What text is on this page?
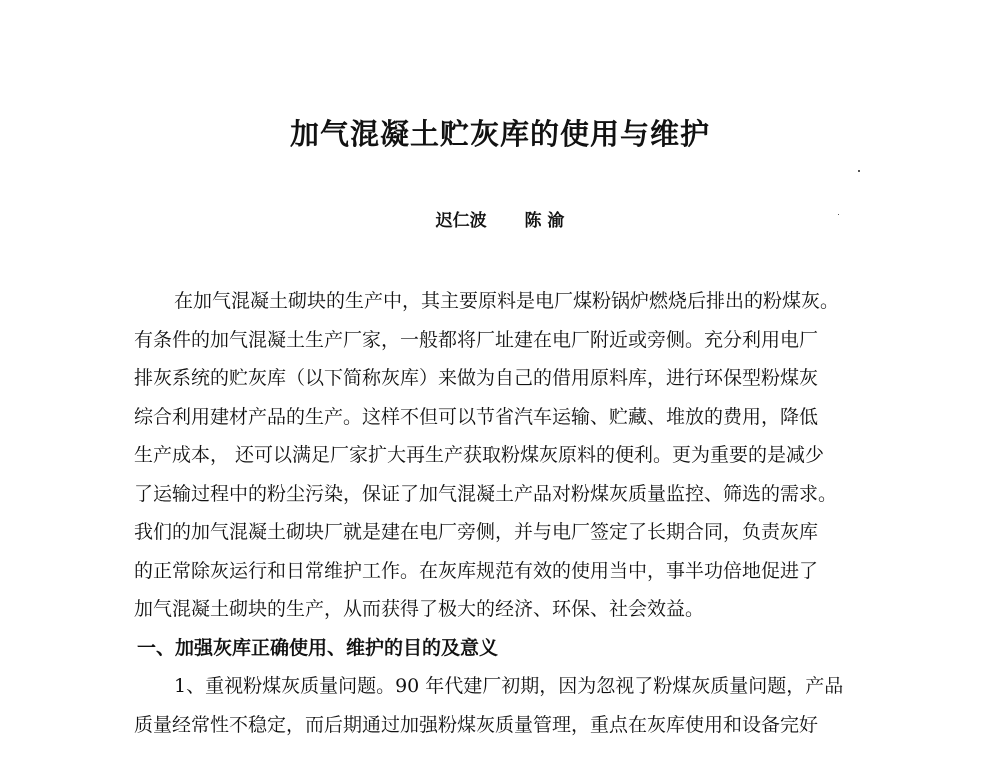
加气混凝土贮灰库的使用与维护
迟仁波 陈 渝
在加气混凝土砌块的生产中，其主要原料是电厂煤粉锅炉燃烧后排出的粉煤灰。
有条件的加气混凝土生产厂家，一般都将厂址建在电厂附近或旁侧。充分利用电厂
排灰系统的贮灰库（以下简称灰库）来做为自己的借用原料库，进行环保型粉煤灰
综合利用建材产品的生产。这样不但可以节省汽车运输、贮藏、堆放的费用，降低
生产成本， 还可以满足厂家扩大再生产获取粉煤灰原料的便利。更为重要的是减少
了运输过程中的粉尘污染，保证了加气混凝土产品对粉煤灰质量监控、筛选的需求。
我们的加气混凝土砌块厂就是建在电厂旁侧，并与电厂签定了长期合同，负责灰库
的正常除灰运行和日常维护工作。在灰库规范有效的使用当中，事半功倍地促进了
加气混凝土砌块的生产，从而获得了极大的经济、环保、社会效益。
一、加强灰库正确使用、维护的目的及意义
1、重视粉煤灰质量问题。90 年代建厂初期，因为忽视了粉煤灰质量问题，产品
质量经常性不稳定，而后期通过加强粉煤灰质量管理，重点在灰库使用和设备完好
